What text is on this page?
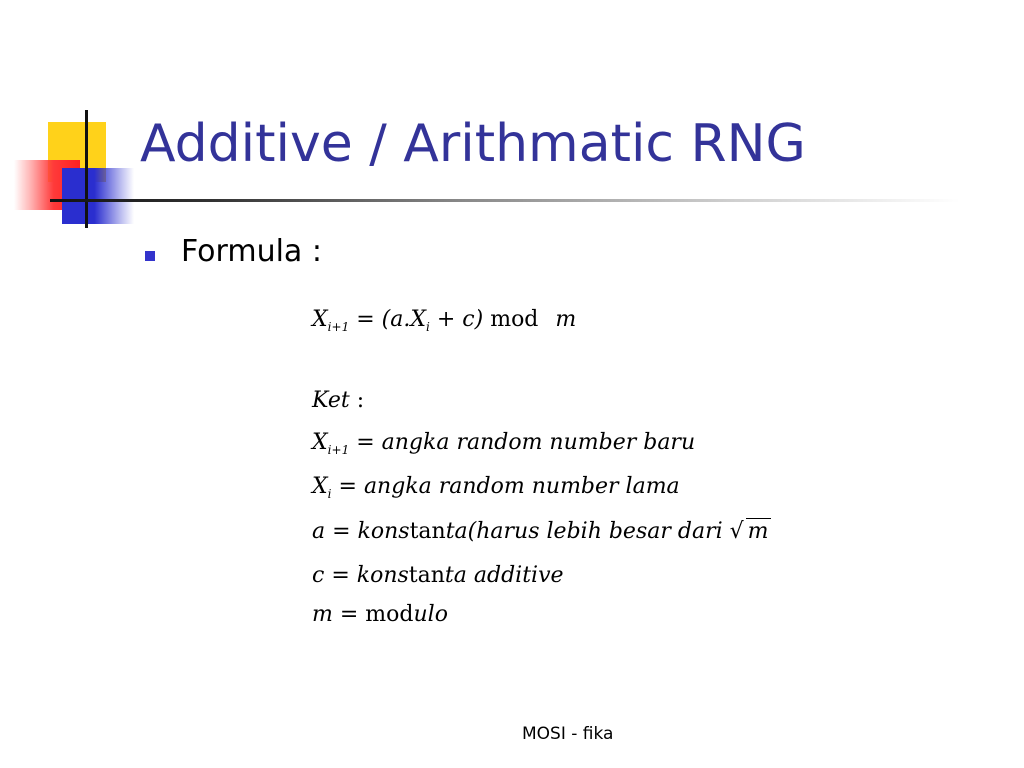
Additive / Arithmatic RNG
Formula :
$X_{i+1} = (a.X_i + c)$ mod m
Ket :
$X_{i+1}$ = angka random number baru
$X_i$ = angka random number lama
a = konstanta(harus lebih besar dari √ m
c = konstanta additive
m = modulo
MOSI - fika
